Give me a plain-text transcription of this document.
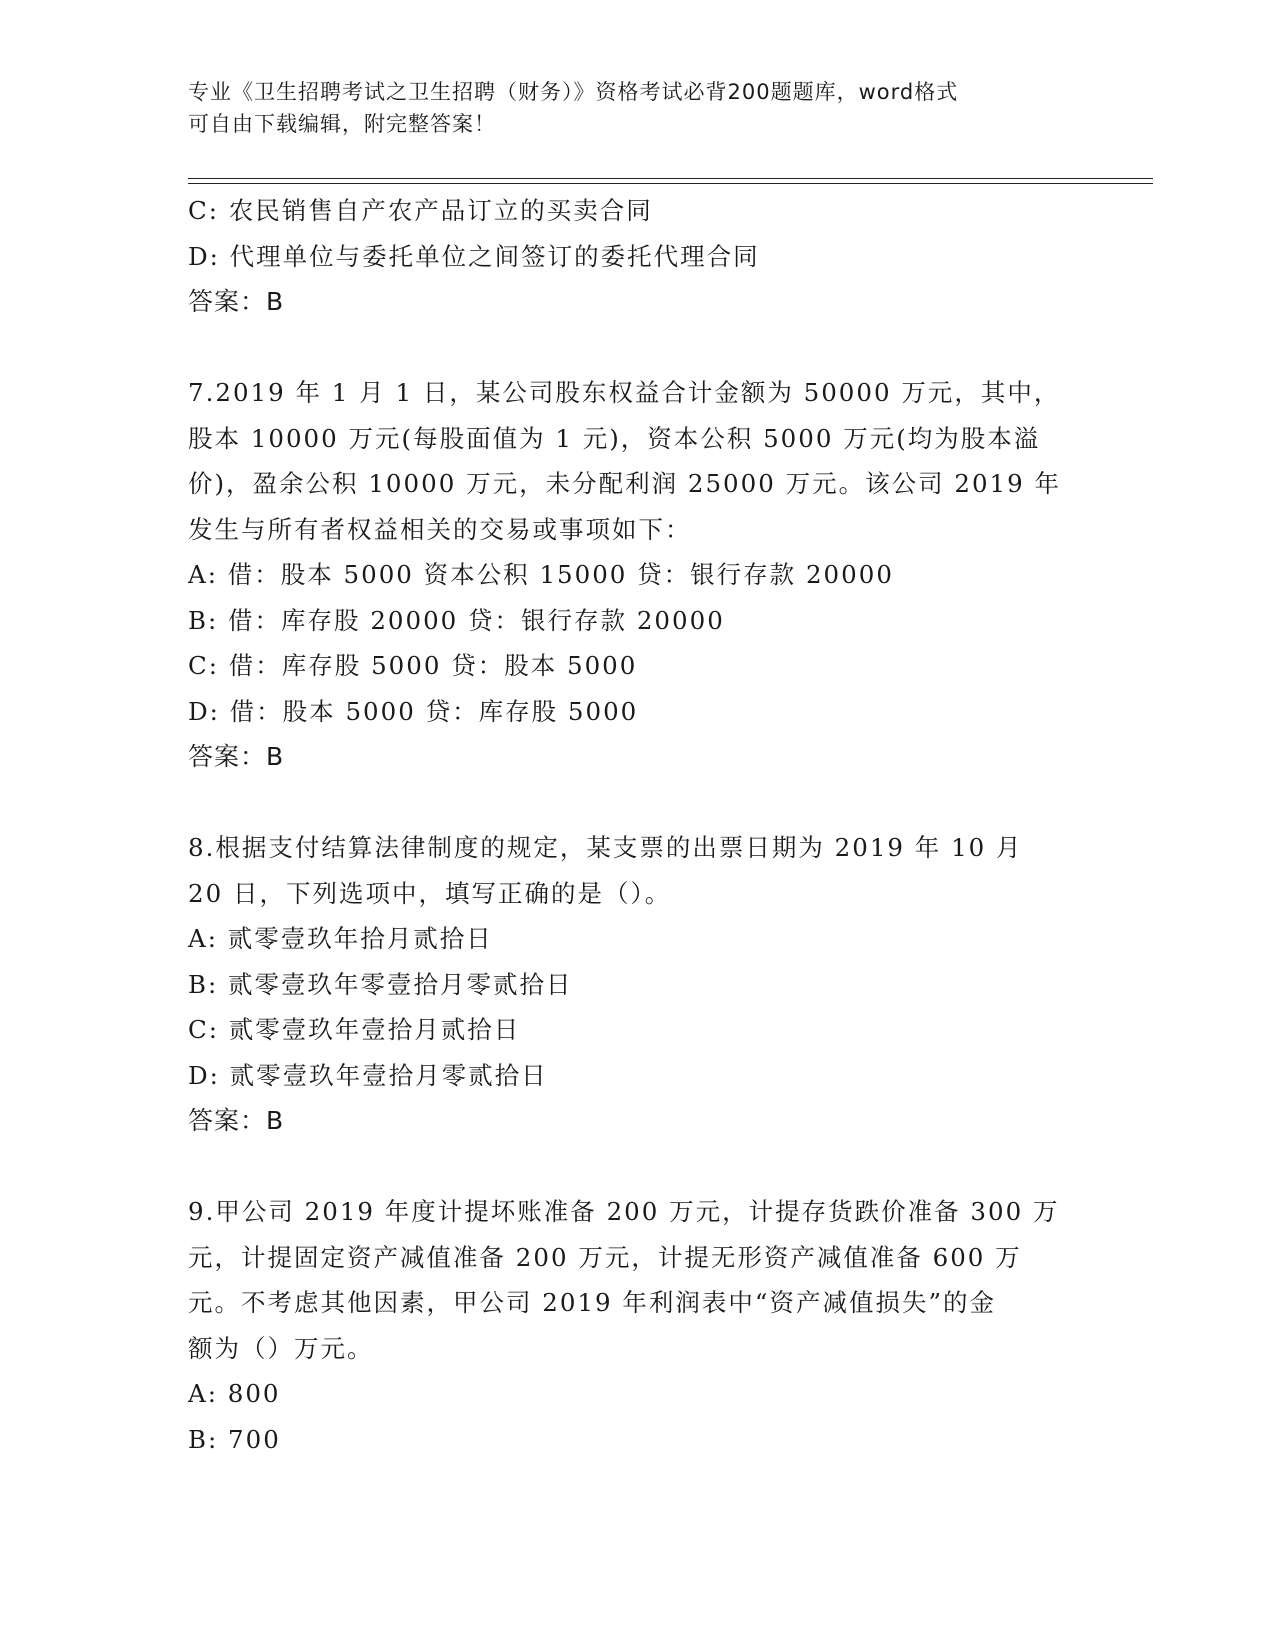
专业《卫生招聘考试之卫生招聘（财务）》资格考试必背200题题库，word格式
可自由下载编辑，附完整答案！
C: 农民销售自产农产品订立的买卖合同
D: 代理单位与委托单位之间签订的委托代理合同
答案：B
7.2019 年 1 月 1 日，某公司股东权益合计金额为 50000 万元，其中，
股本 10000 万元(每股面值为 1 元)，资本公积 5000 万元(均为股本溢
价)，盈余公积 10000 万元，未分配利润 25000 万元。该公司 2019 年
发生与所有者权益相关的交易或事项如下：
A: 借：股本 5000 资本公积 15000 贷：银行存款 20000
B: 借：库存股 20000 贷：银行存款 20000
C: 借：库存股 5000 贷：股本 5000
D: 借：股本 5000 贷：库存股 5000
答案：B
8.根据支付结算法律制度的规定，某支票的出票日期为 2019 年 10 月
20 日，下列选项中，填写正确的是（）。
A: 贰零壹玖年拾月贰拾日
B: 贰零壹玖年零壹拾月零贰拾日
C: 贰零壹玖年壹拾月贰拾日
D: 贰零壹玖年壹拾月零贰拾日
答案：B
9.甲公司 2019 年度计提坏账准备 200 万元，计提存货跌价准备 300 万
元，计提固定资产减值准备 200 万元，计提无形资产减值准备 600 万
元。不考虑其他因素，甲公司 2019 年利润表中“资产减值损失”的金
额为（）万元。
A: 800
B: 700
